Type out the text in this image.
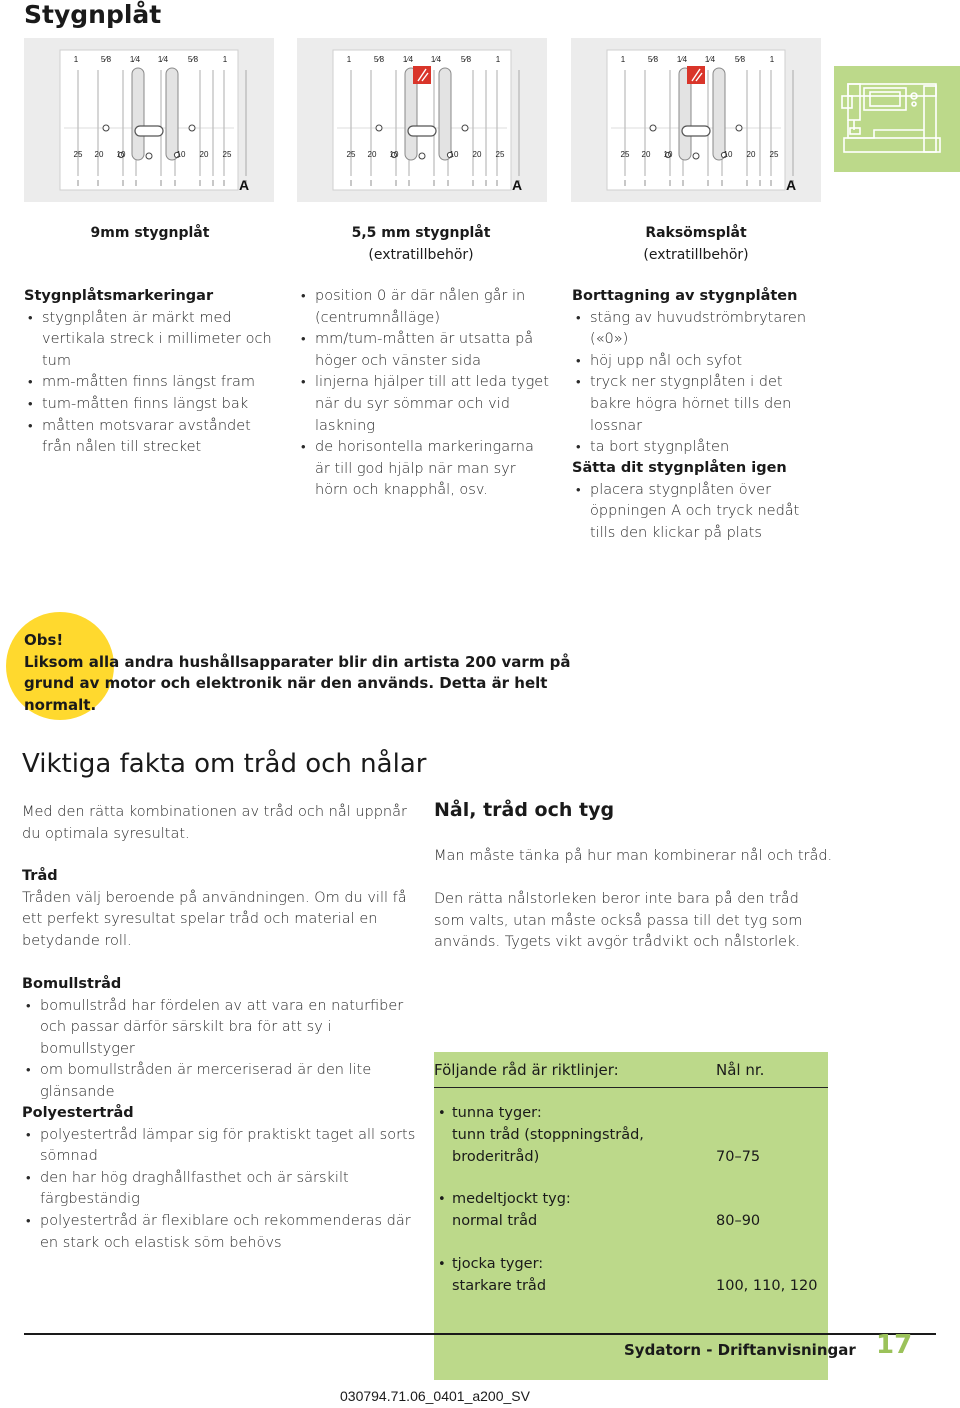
Stygnplåt
1	5⁄8 1⁄4 1⁄4 5⁄8	1
25 20 10	10 20 25
A
1	5⁄8 1⁄4 1⁄4 5⁄8	1
25 20 10	10 20 25
A
1	5⁄8 1⁄4 1⁄4 5⁄8	1
25 20 10	10 20 25
A
9mm stygnplåt	5,5 mm stygnplåt
(extratillbehör)
Raksömsplåt
(extratillbehör)
Stygnplåtsmarkeringar
• stygnplåten är märkt med vertikala streck i millimeter och tum
• mm-måtten finns längst fram
• tum-måtten finns längst bak
• måtten motsvarar avståndet från nålen till strecket
• position 0 är där nålen går in (centrumnålläge)
• mm/tum-måtten är utsatta på höger och vänster sida
• linjerna hjälper till att leda tyget när du syr sömmar och vid laskning
• de horisontella markeringarna är till god hjälp när man syr hörn och knapphål, osv.
Borttagning av stygnplåten
• stäng av huvudströmbrytaren («0»)
• höj upp nål och syfot
• tryck ner stygnplåten i det bakre högra hörnet tills den lossnar
• ta bort stygnplåten
Sätta dit stygnplåten igen
• placera stygnplåten över öppningen A och tryck nedåt tills den klickar på plats
Obs!
Liksom alla andra hushållsapparater blir din artista 200 varm på grund av motor och elektronik när den används. Detta är helt normalt.
Viktiga fakta om tråd och nålar

Med den rätta kombinationen av tråd och nål uppnår du optimala syresultat.

Tråd

Tråden välj beroende på användningen. Om du vill få ett perfekt syresultat spelar tråd och material en betydande roll.

Bomullstråd
• bomullstråd har fördelen av att vara en naturfiber och passar därför särskilt bra för att sy i bomullstyger
• om bomullstråden är merceriserad är den lite glänsande
Polyestertråd
• polyestertråd lämpar sig för praktiskt taget all sorts sömnad
• den har hög draghållfasthet och är särskilt färgbeständig
• polyestertråd är flexiblare och rekommenderas där en stark och elastisk söm behövs
Nål, tråd och tyg

Man måste tänka på hur man kombinerar nål och tråd.

Den rätta nålstorleken beror inte bara på den tråd som valts, utan måste också passa till det tyg som används. Tygets vikt avgör trådvikt och nålstorlek.

Följande råd är riktlinjer:	Nål nr.
• tunna tyger:
tunn tråd (stoppningstråd,
broderitråd)	70–75
• medeltjockt tyg:
normal tråd	80–90
• tjocka tyger:
starkare tråd	100, 110, 120
Sydatorn - Driftanvisningar 17
030794.71.06_0401_a200_SV
